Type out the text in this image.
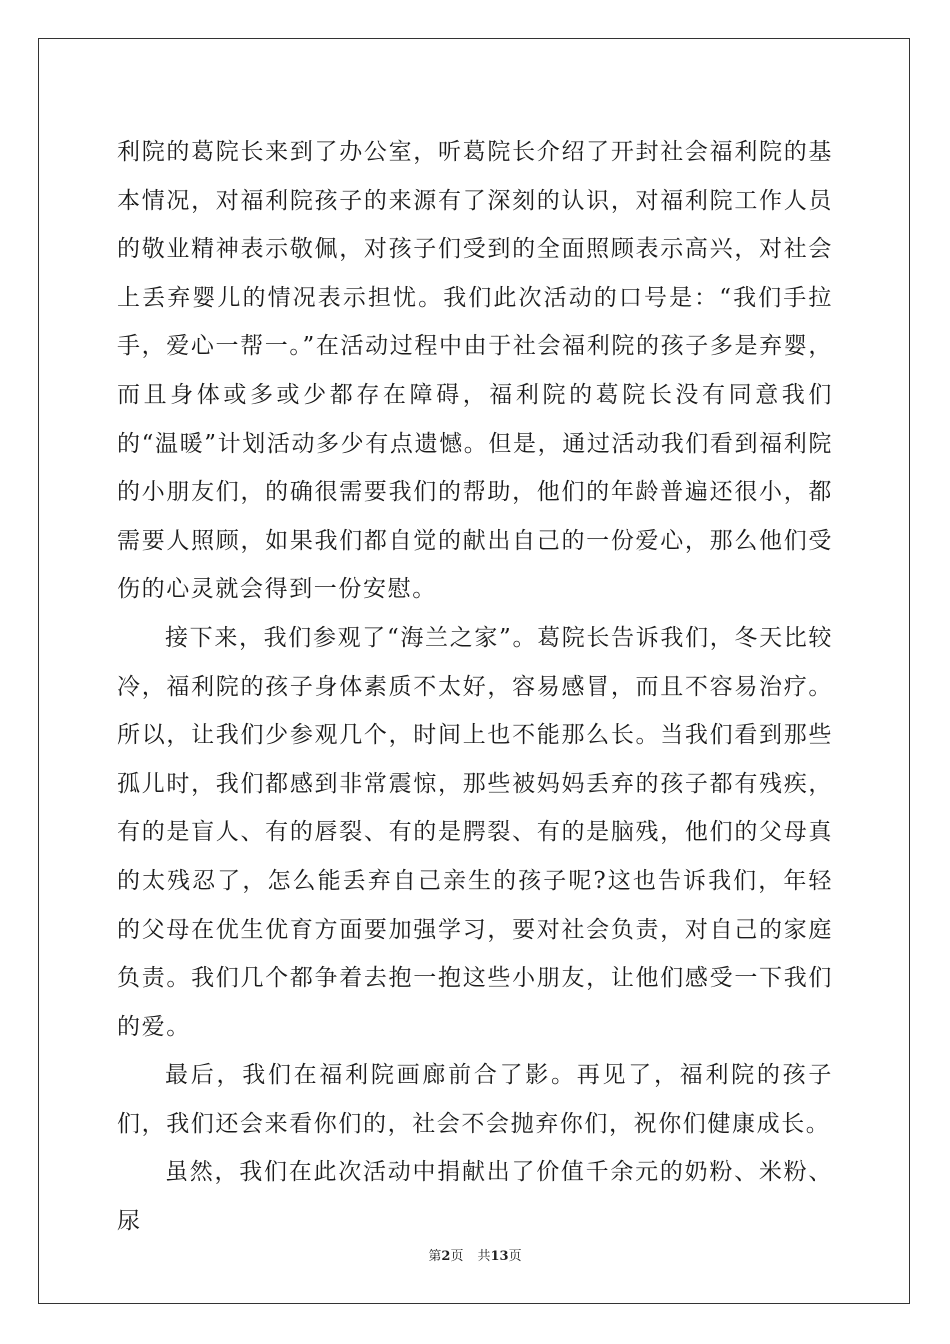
利院的葛院长来到了办公室，听葛院长介绍了开封社会福利院的基本情况，对福利院孩子的来源有了深刻的认识，对福利院工作人员的敬业精神表示敬佩，对孩子们受到的全面照顾表示高兴，对社会上丢弃婴儿的情况表示担忧。我们此次活动的口号是：“我们手拉手，爱心一帮一。”在活动过程中由于社会福利院的孩子多是弃婴，而且身体或多或少都存在障碍，福利院的葛院长没有同意我们的“温暖”计划活动多少有点遗憾。但是，通过活动我们看到福利院的小朋友们，的确很需要我们的帮助，他们的年龄普遍还很小，都需要人照顾，如果我们都自觉的献出自己的一份爱心，那么他们受伤的心灵就会得到一份安慰。

接下来，我们参观了“海兰之家”。葛院长告诉我们，冬天比较冷，福利院的孩子身体素质不太好，容易感冒，而且不容易治疗。所以，让我们少参观几个，时间上也不能那么长。当我们看到那些孤儿时，我们都感到非常震惊，那些被妈妈丢弃的孩子都有残疾，有的是盲人、有的唇裂、有的是腭裂、有的是脑残，他们的父母真的太残忍了，怎么能丢弃自己亲生的孩子呢?这也告诉我们，年轻的父母在优生优育方面要加强学习，要对社会负责，对自己的家庭负责。我们几个都争着去抱一抱这些小朋友，让他们感受一下我们的爱。

最后，我们在福利院画廊前合了影。再见了，福利院的孩子们，我们还会来看你们的，社会不会抛弃你们，祝你们健康成长。

虽然，我们在此次活动中捐献出了价值千余元的奶粉、米粉、尿

第2页 共13页
